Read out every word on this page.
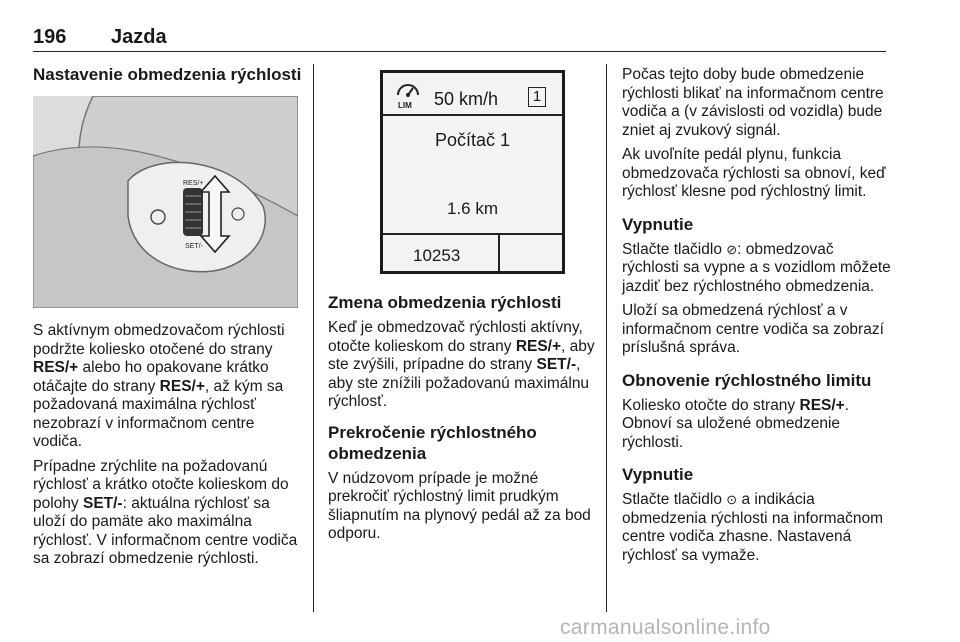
196 Jazda
Nastavenie obmedzenia rýchlosti
RES/+
SET/-

S aktívnym obmedzovačom rýchlosti podržte koliesko otočené do strany RES/+ alebo ho opakovane krátko otáčajte do strany RES/+, až kým sa požadovaná maximálna rýchlosť nezobrazí v informačnom centre vodiča.

Prípadne zrýchlite na požadovanú rýchlosť a krátko otočte kolieskom do polohy SET/-: aktuálna rýchlosť sa uloží do pamäte ako maximálna rýchlosť. V informačnom centre vodiča sa zobrazí obmedzenie rýchlosti.

LIM 50 km/h	1
Počítač 1
1.6 km
10253
Zmena obmedzenia rýchlosti

Keď je obmedzovač rýchlosti aktívny, otočte kolieskom do strany RES/+, aby ste zvýšili, prípadne do strany SET/-, aby ste znížili požadovanú maximálnu rýchlosť.

Prekročenie rýchlostného obmedzenia

V núdzovom prípade je možné prekročiť rýchlostný limit prudkým šliapnutím na plynový pedál až za bod odporu.

Počas tejto doby bude obmedzenie rýchlosti blikať na informačnom centre vodiča a (v závislosti od vozidla) bude zniet aj zvukový signál.

Ak uvoľníte pedál plynu, funkcia obmedzovača rýchlosti sa obnoví, keď rýchlosť klesne pod rýchlostný limit.

Vypnutie

Stlačte tlačidlo ⊘: obmedzovač rýchlosti sa vypne a s vozidlom môžete jazdiť bez rýchlostného obmedzenia.

Uloží sa obmedzená rýchlosť a v informačnom centre vodiča sa zobrazí príslušná správa.

Obnovenie rýchlostného limitu

Koliesko otočte do strany RES/+. Obnoví sa uložené obmedzenie rýchlosti.

Vypnutie

Stlačte tlačidlo ⊙ a indikácia obmedzenia rýchlosti na informačnom centre vodiča zhasne. Nastavená rýchlosť sa vymaže.

carmanualsonline.info
